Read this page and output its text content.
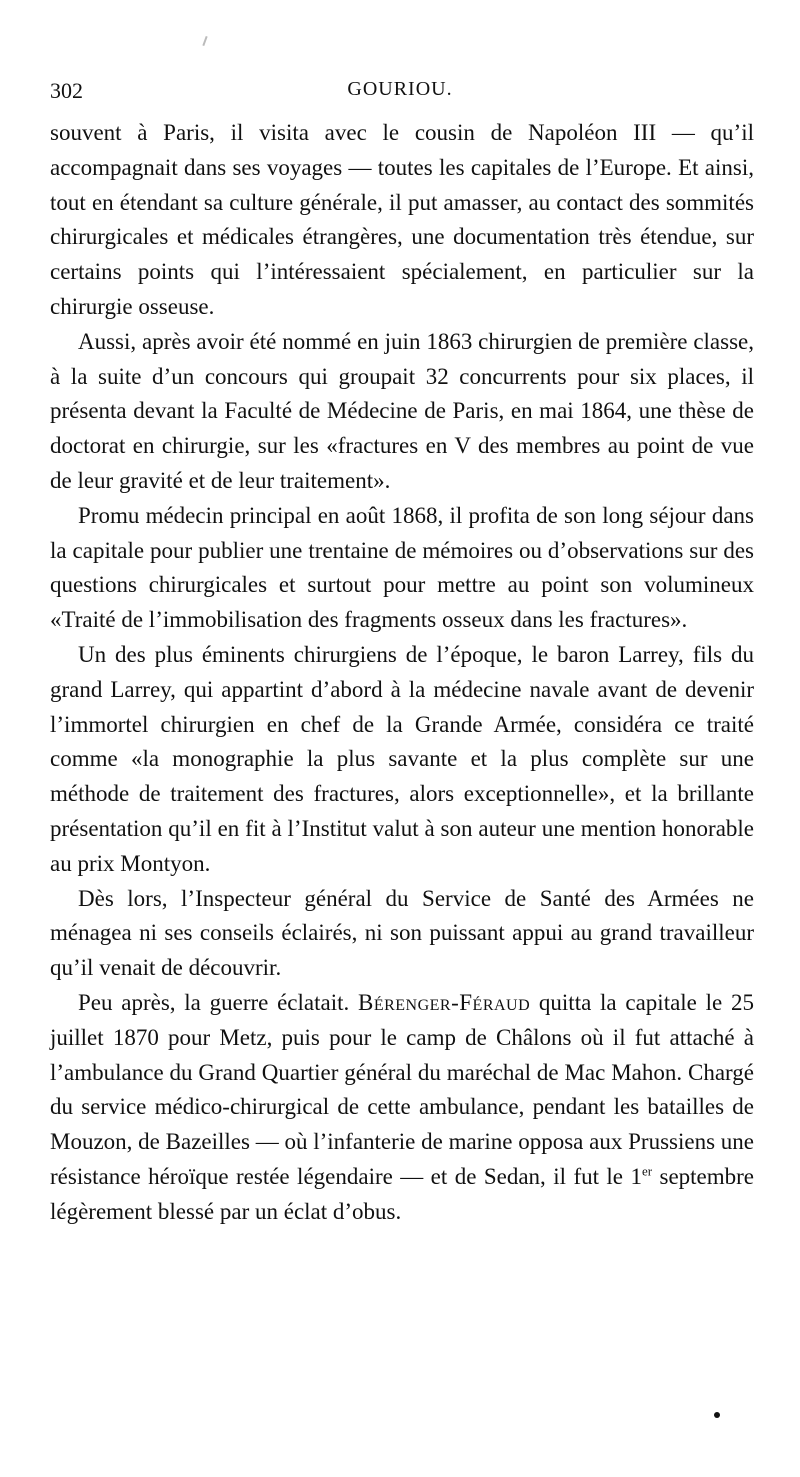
302	GOURIOU.

souvent à Paris, il visita avec le cousin de Napoléon III — qu’il accompagnait dans ses voyages — toutes les capitales de l’Europe. Et ainsi, tout en étendant sa culture générale, il put amasser, au contact des sommités chirurgicales et médicales étrangères, une documentation très étendue, sur certains points qui l’intéressaient spécialement, en particulier sur la chirurgie osseuse.

Aussi, après avoir été nommé en juin 1863 chirurgien de première classe, à la suite d’un concours qui groupait 32 concurrents pour six places, il présenta devant la Faculté de Médecine de Paris, en mai 1864, une thèse de doctorat en chirurgie, sur les «fractures en V des membres au point de vue de leur gravité et de leur traitement».

Promu médecin principal en août 1868, il profita de son long séjour dans la capitale pour publier une trentaine de mémoires ou d’observations sur des questions chirurgicales et surtout pour mettre au point son volumineux «Traité de l’immobilisation des fragments osseux dans les fractures».

Un des plus éminents chirurgiens de l’époque, le baron Larrey, fils du grand Larrey, qui appartint d’abord à la médecine navale avant de devenir l’immortel chirurgien en chef de la Grande Armée, considéra ce traité comme «la monographie la plus savante et la plus complète sur une méthode de traitement des fractures, alors exceptionnelle», et la brillante présentation qu’il en fit à l’Institut valut à son auteur une mention honorable au prix Montyon.

Dès lors, l’Inspecteur général du Service de Santé des Armées ne ménagea ni ses conseils éclairés, ni son puissant appui au grand travailleur qu’il venait de découvrir.

Peu après, la guerre éclatait. Bérenger-Féraud quitta la capitale le 25 juillet 1870 pour Metz, puis pour le camp de Châlons où il fut attaché à l’ambulance du Grand Quartier général du maréchal de Mac Mahon. Chargé du service médico-chirurgical de cette ambulance, pendant les batailles de Mouzon, de Bazeilles — où l’infanterie de marine opposa aux Prussiens une résistance héroïque restée légendaire — et de Sedan, il fut le 1er septembre légèrement blessé par un éclat d’obus.
